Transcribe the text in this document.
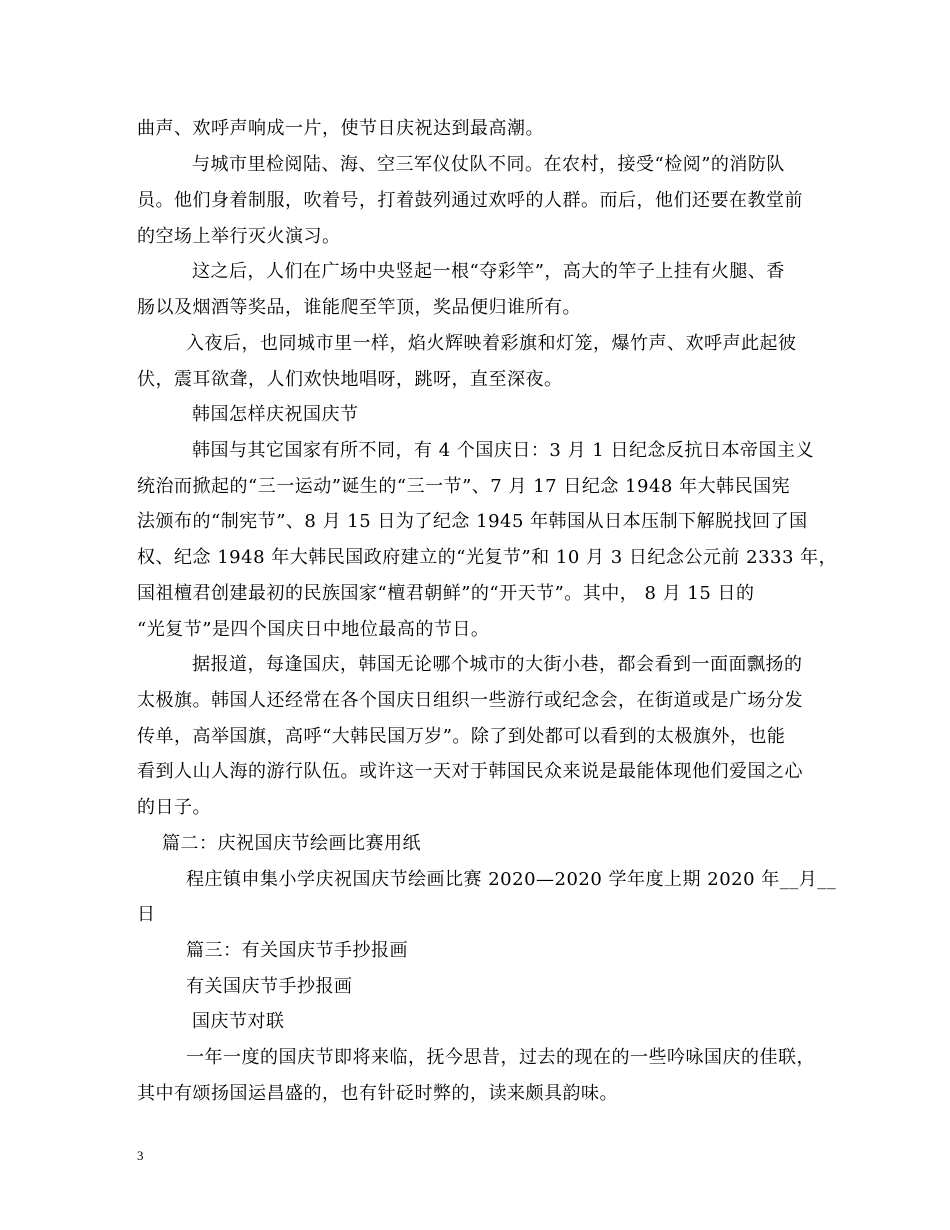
曲声、欢呼声响成一片，使节日庆祝达到最高潮。
与城市里检阅陆、海、空三军仪仗队不同。在农村，接受“检阅”的消防队
员。他们身着制服，吹着号，打着鼓列通过欢呼的人群。而后，他们还要在教堂前
的空场上举行灭火演习。
这之后，人们在广场中央竖起一根“夺彩竿”，高大的竿子上挂有火腿、香
肠以及烟酒等奖品，谁能爬至竿顶，奖品便归谁所有。
入夜后，也同城市里一样，焰火辉映着彩旗和灯笼，爆竹声、欢呼声此起彼
伏，震耳欲聋，人们欢快地唱呀，跳呀，直至深夜。
韩国怎样庆祝国庆节
韩国与其它国家有所不同，有 4 个国庆日：3 月 1 日纪念反抗日本帝国主义
统治而掀起的“三一运动”诞生的“三一节”、7 月 17 日纪念 1948 年大韩民国宪
法颁布的“制宪节”、8 月 15 日为了纪念 1945 年韩国从日本压制下解脱找回了国
权、纪念 1948 年大韩民国政府建立的“光复节”和 10 月 3 日纪念公元前 2333 年，
国祖檀君创建最初的民族国家“檀君朝鲜”的“开天节”。其中， 8 月 15 日的
“光复节”是四个国庆日中地位最高的节日。
据报道，每逢国庆，韩国无论哪个城市的大街小巷，都会看到一面面飘扬的
太极旗。韩国人还经常在各个国庆日组织一些游行或纪念会，在街道或是广场分发
传单，高举国旗，高呼“大韩民国万岁”。除了到处都可以看到的太极旗外，也能
看到人山人海的游行队伍。或许这一天对于韩国民众来说是最能体现他们爱国之心
的日子。
篇二：庆祝国庆节绘画比赛用纸
程庄镇申集小学庆祝国庆节绘画比赛 2020—2020 学年度上期 2020 年__月__
日
篇三：有关国庆节手抄报画
有关国庆节手抄报画
国庆节对联
一年一度的国庆节即将来临，抚今思昔，过去的现在的一些吟咏国庆的佳联，
其中有颂扬国运昌盛的，也有针砭时弊的，读来颇具韵味。
3
